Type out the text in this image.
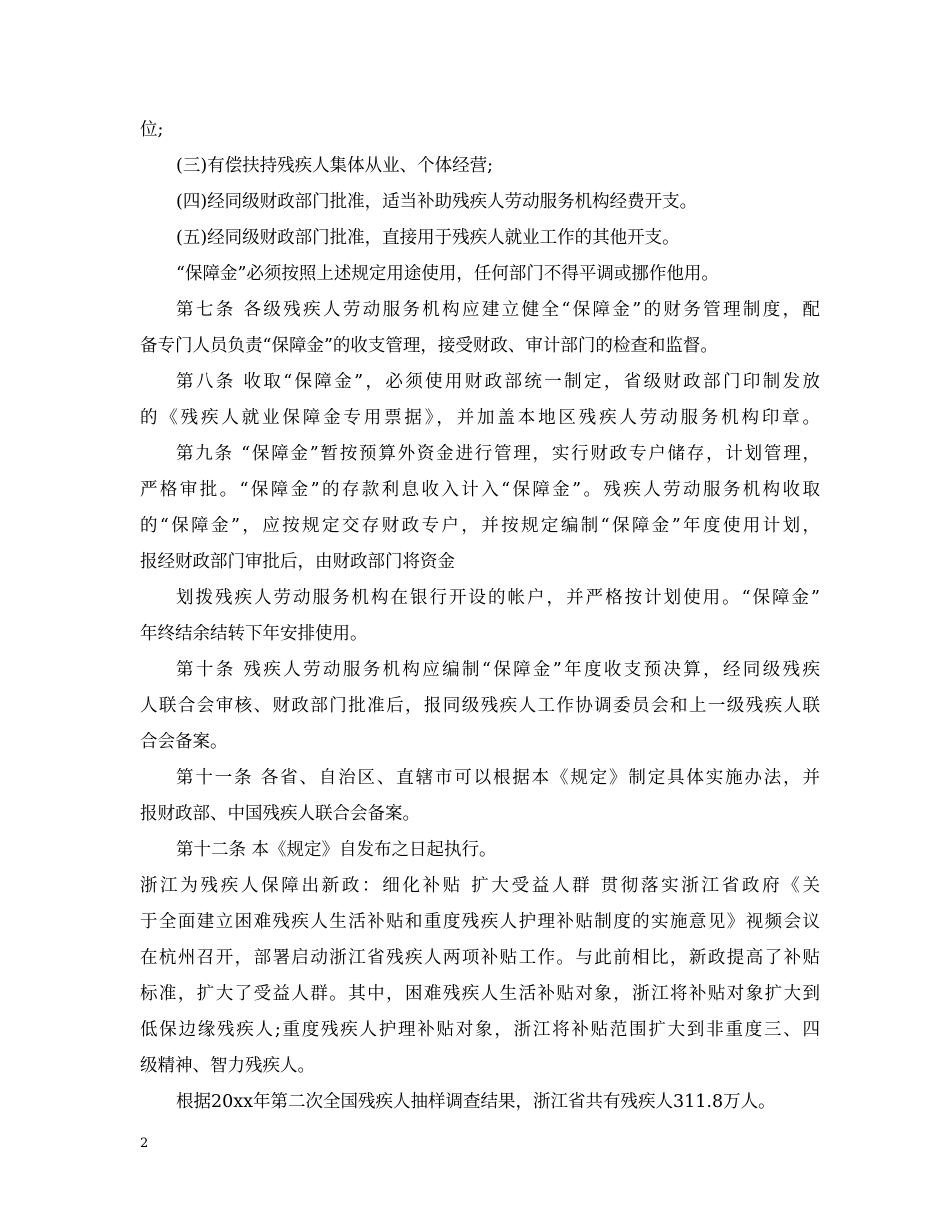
位;
(三)有偿扶持残疾人集体从业、个体经营;
(四)经同级财政部门批准，适当补助残疾人劳动服务机构经费开支。
(五)经同级财政部门批准，直接用于残疾人就业工作的其他开支。
“保障金”必须按照上述规定用途使用，任何部门不得平调或挪作他用。
第七条 各级残疾人劳动服务机构应建立健全“保障金”的财务管理制度，配
备专门人员负责“保障金”的收支管理，接受财政、审计部门的检查和监督。
第八条 收取“保障金”，必须使用财政部统一制定，省级财政部门印制发放
的《残疾人就业保障金专用票据》，并加盖本地区残疾人劳动服务机构印章。
第九条 “保障金”暂按预算外资金进行管理，实行财政专户储存，计划管理，
严格审批。“保障金”的存款利息收入计入“保障金”。残疾人劳动服务机构收取
的“保障金”，应按规定交存财政专户，并按规定编制“保障金”年度使用计划，
报经财政部门审批后，由财政部门将资金
划拨残疾人劳动服务机构在银行开设的帐户，并严格按计划使用。“保障金”
年终结余结转下年安排使用。
第十条 残疾人劳动服务机构应编制“保障金”年度收支预决算，经同级残疾
人联合会审核、财政部门批准后，报同级残疾人工作协调委员会和上一级残疾人联
合会备案。
第十一条 各省、自治区、直辖市可以根据本《规定》制定具体实施办法，并
报财政部、中国残疾人联合会备案。
第十二条 本《规定》自发布之日起执行。
浙江为残疾人保障出新政：细化补贴 扩大受益人群 贯彻落实浙江省政府《关
于全面建立困难残疾人生活补贴和重度残疾人护理补贴制度的实施意见》视频会议
在杭州召开，部署启动浙江省残疾人两项补贴工作。与此前相比，新政提高了补贴
标准，扩大了受益人群。其中，困难残疾人生活补贴对象，浙江将补贴对象扩大到
低保边缘残疾人;重度残疾人护理补贴对象，浙江将补贴范围扩大到非重度三、四
级精神、智力残疾人。
根据20xx年第二次全国残疾人抽样调查结果，浙江省共有残疾人311.8万人。
2
